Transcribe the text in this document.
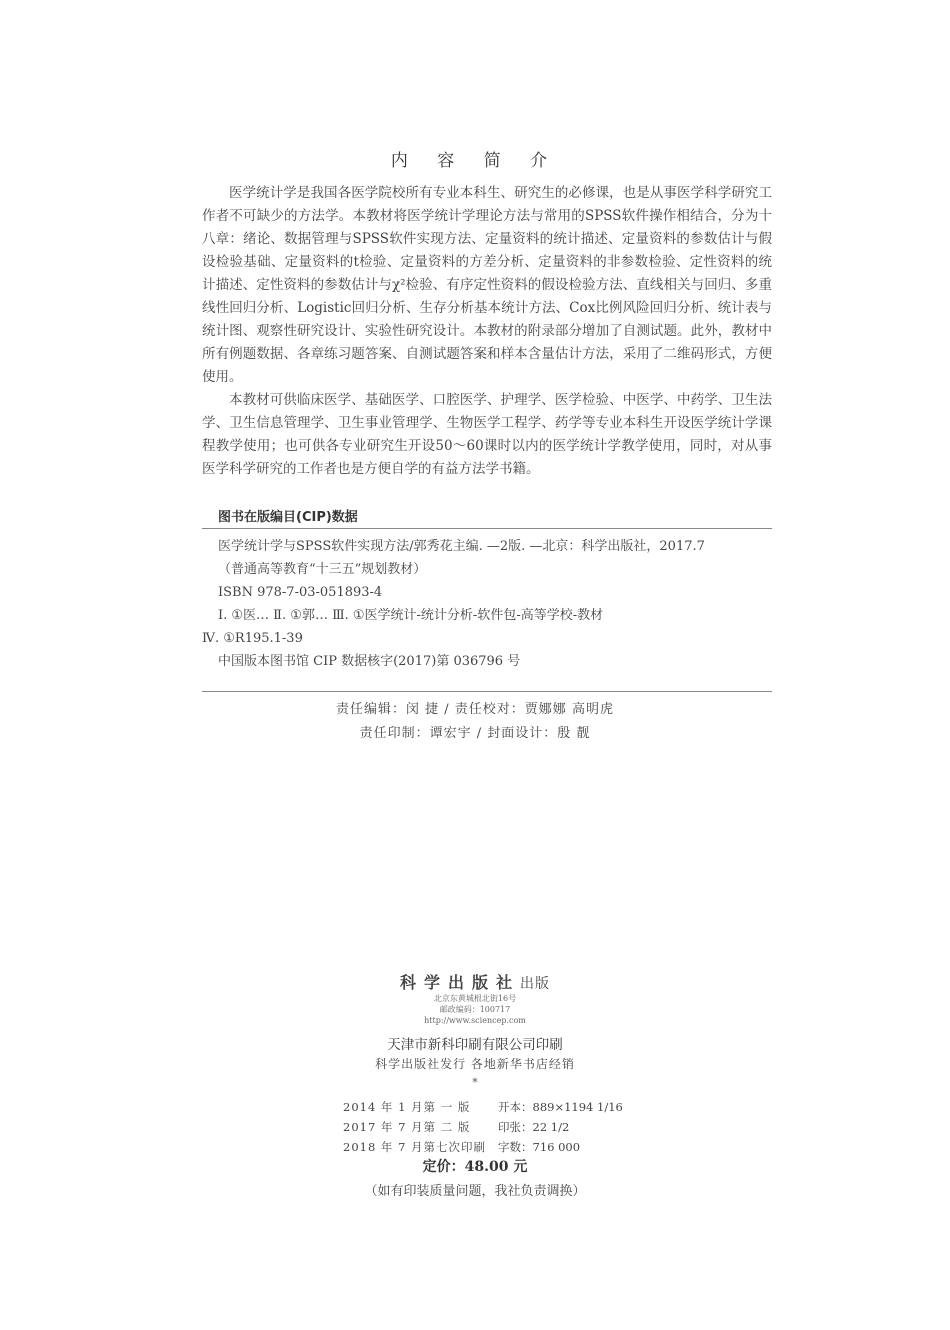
内 容 简 介

医学统计学是我国各医学院校所有专业本科生、研究生的必修课，也是从事医学科学研究工作者不可缺少的方法学。本教材将医学统计学理论方法与常用的SPSS软件操作相结合，分为十八章：绪论、数据管理与SPSS软件实现方法、定量资料的统计描述、定量资料的参数估计与假设检验基础、定量资料的t检验、定量资料的方差分析、定量资料的非参数检验、定性资料的统计描述、定性资料的参数估计与χ²检验、有序定性资料的假设检验方法、直线相关与回归、多重线性回归分析、Logistic回归分析、生存分析基本统计方法、Cox比例风险回归分析、统计表与统计图、观察性研究设计、实验性研究设计。本教材的附录部分增加了自测试题。此外，教材中所有例题数据、各章练习题答案、自测试题答案和样本含量估计方法，采用了二维码形式，方便使用。

本教材可供临床医学、基础医学、口腔医学、护理学、医学检验、中医学、中药学、卫生法学、卫生信息管理学、卫生事业管理学、生物医学工程学、药学等专业本科生开设医学统计学课程教学使用；也可供各专业研究生开设50～60课时以内的医学统计学教学使用，同时，对从事医学科学研究的工作者也是方便自学的有益方法学书籍。

图书在版编目(CIP)数据
医学统计学与SPSS软件实现方法/郭秀花主编. —2版. —北京：科学出版社，2017.7
（普通高等教育“十三五”规划教材）
ISBN 978-7-03-051893-4
Ⅰ. ①医… Ⅱ. ①郭… Ⅲ. ①医学统计-统计分析-软件包-高等学校-教材
Ⅳ. ①R195.1-39
中国版本图书馆 CIP 数据核字(2017)第 036796 号
责任编辑：闵 捷 / 责任校对：贾娜娜 高明虎
责任印制：谭宏宇 / 封面设计：殷 靓
科学出版社出版
北京东黄城根北街16号
邮政编码：100717
http://www.sciencep.com
天津市新科印刷有限公司印刷
科学出版社发行 各地新华书店经销
*
2014 年 1 月第 一 版 开本：889×1194 1/16
2017 年 7 月第 二 版 印张：22 1/2
2018 年 7 月第七次印刷 字数：716 000
定价：48.00 元
（如有印装质量问题，我社负责调换）
